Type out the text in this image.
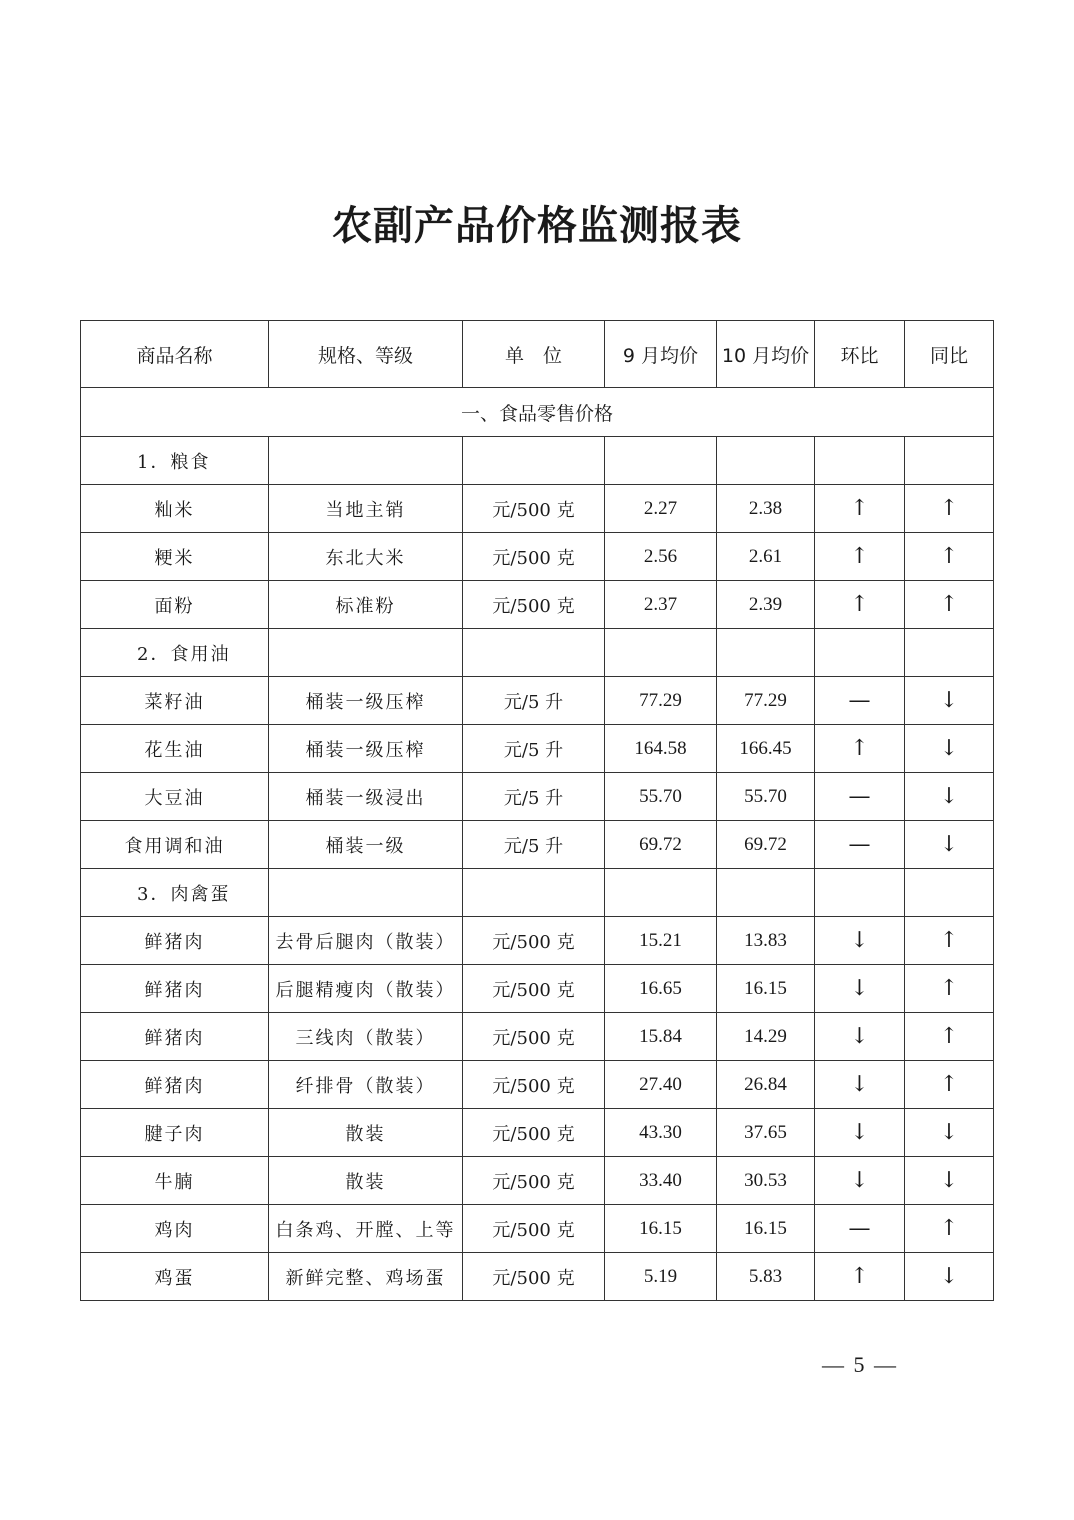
农副产品价格监测报表
商品名称	规格、等级	单　位	9 月均价	10 月均价	环比	同比
一、食品零售价格						
1．粮食						
籼米	当地主销	元/500 克	2.27	2.38	↑	↑
粳米	东北大米	元/500 克	2.56	2.61	↑	↑
面粉	标准粉	元/500 克	2.37	2.39	↑	↑
2．食用油						
菜籽油	桶装一级压榨	元/5 升	77.29	77.29	—	↓
花生油	桶装一级压榨	元/5 升	164.58	166.45	↑	↓
大豆油	桶装一级浸出	元/5 升	55.70	55.70	—	↓
食用调和油	桶装一级	元/5 升	69.72	69.72	—	↓
3．肉禽蛋						
鲜猪肉	去骨后腿肉（散装）	元/500 克	15.21	13.83	↓	↑
鲜猪肉	后腿精瘦肉（散装）	元/500 克	16.65	16.15	↓	↑
鲜猪肉	三线肉（散装）	元/500 克	15.84	14.29	↓	↑
鲜猪肉	纤排骨（散装）	元/500 克	27.40	26.84	↓	↑
腱子肉	散装	元/500 克	43.30	37.65	↓	↓
牛腩	散装	元/500 克	33.40	30.53	↓	↓
鸡肉	白条鸡、开膛、上等	元/500 克	16.15	16.15	—	↑
鸡蛋	新鲜完整、鸡场蛋	元/500 克	5.19	5.83	↑	↓
— 5 —
